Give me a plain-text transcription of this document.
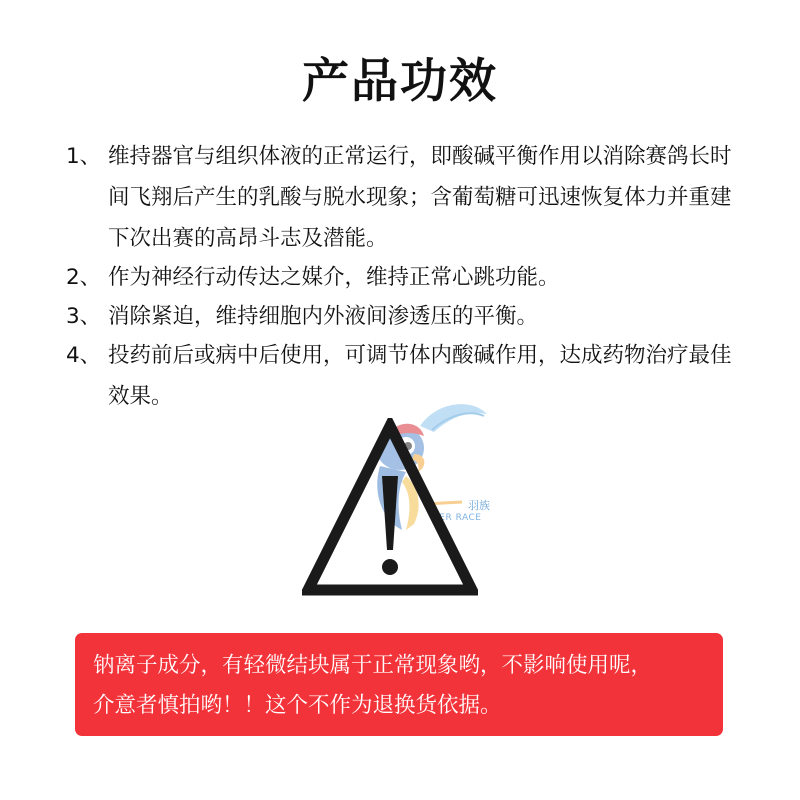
产品功效
1、 维持器官与组织体液的正常运行，即酸碱平衡作用以消除赛鸽长时间飞翔后产生的乳酸与脱水现象；含葡萄糖可迅速恢复体力并重建下次出赛的高昂斗志及潜能。
2、 作为神经行动传达之媒介，维持正常心跳功能。
3、 消除紧迫，维持细胞内外液间渗透压的平衡。
4、 投药前后或病中后使用，可调节体内酸碱作用，达成药物治疗最佳效果。
羽族
HER RACE

钠离子成分，有轻微结块属于正常现象哟，不影响使用呢，

介意者慎拍哟！！这个不作为退换货依据。
